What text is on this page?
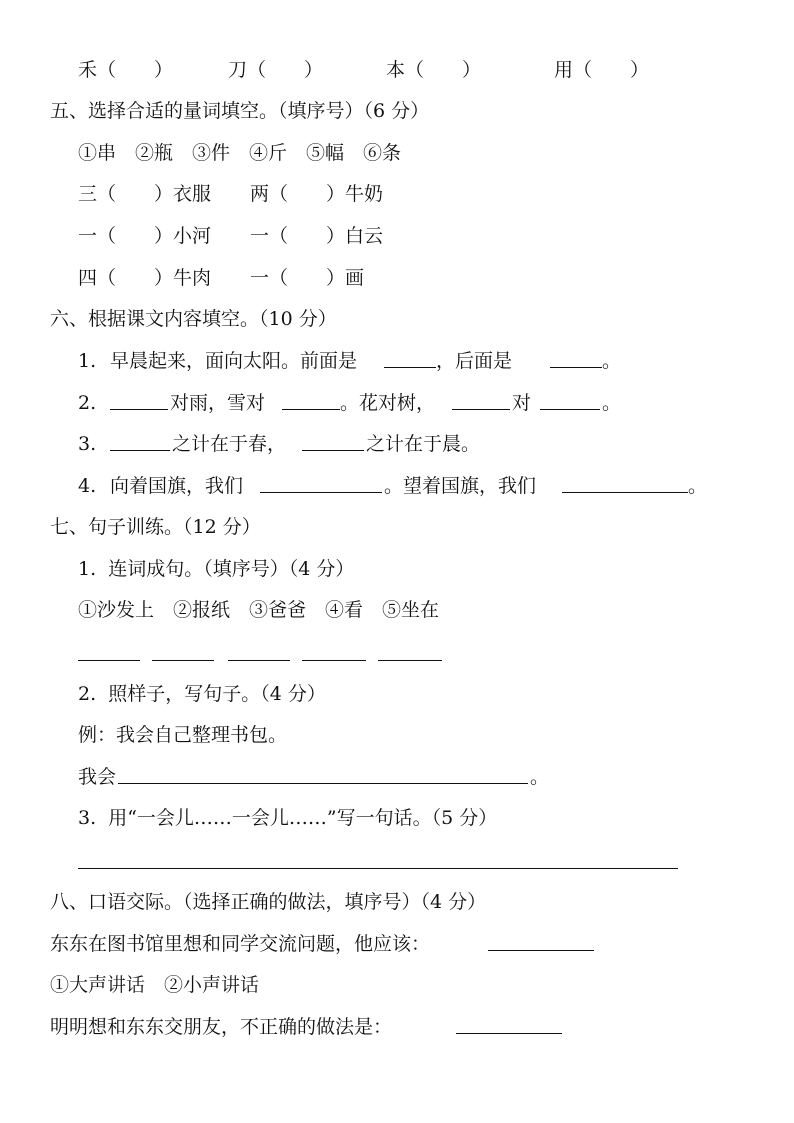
禾（　　）

	刀（　　）

	本（　　）

	用（　　）

五、选择合适的量词填空。（填序号）（6 分）

①串　②瓶　③件　④斤　⑤幅　⑥条

三（　　）衣服

两（　　）牛奶

一（　　）小河

一（　　）白云

四（　　）牛肉

一（　　）画

六、根据课文内容填空。（10 分）

1.

早晨起来，面向太阳。前面是

	，后面是

	。

2.

	对雨，雪对

	。花对树，

	对

	。

3.

	之计在于春，

	之计在于晨。

4.

向着国旗，我们

	。望着国旗，我们

	。

七、句子训练。（12 分）

1.  连词成句。（填序号）（4 分）

①沙发上　②报纸　③爸爸　④看　⑤坐在

2.  照样子，写句子。（4 分）

例：我会自己整理书包。

我会

	。

3.  用“一会儿……一会儿……”写一句话。（5 分）

八、口语交际。（选择正确的做法，填序号）（4 分）

东东在图书馆里想和同学交流问题，他应该：

①大声讲话　②小声讲话

明明想和东东交朋友，不正确的做法是：
